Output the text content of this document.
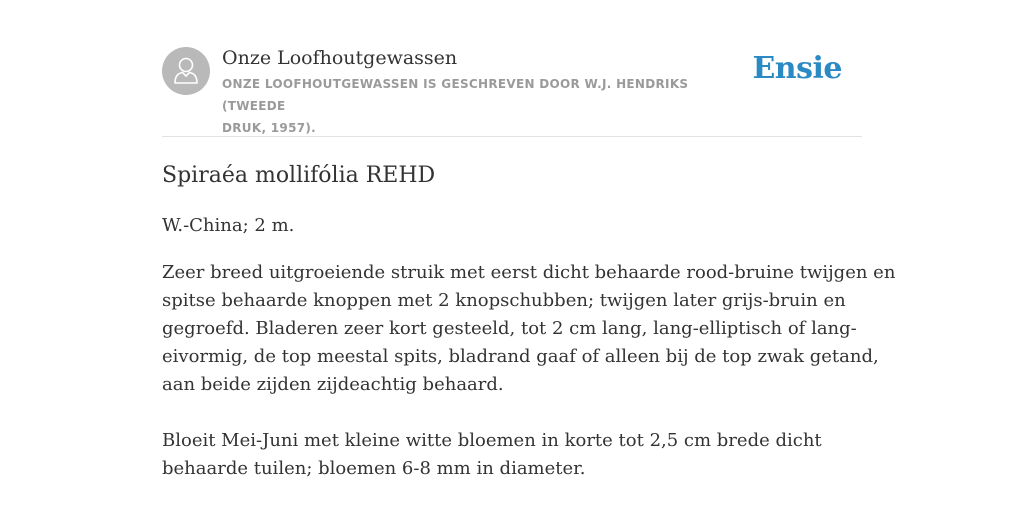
Onze Loofhoutgewassen
ONZE LOOFHOUTGEWASSEN IS GESCHREVEN DOOR W.J. HENDRIKS (TWEEDE
DRUK, 1957).
Ensie
Spiraéa mollifólia REHD

W.-China; 2 m.

Zeer breed uitgroeiende struik met eerst dicht behaarde rood-bruine twijgen en
spitse behaarde knoppen met 2 knopschubben; twijgen later grijs-bruin en
gegroefd. Bladeren zeer kort gesteeld, tot 2 cm lang, lang-elliptisch of lang-
eivormig, de top meestal spits, bladrand gaaf of alleen bij de top zwak getand,
aan beide zijden zijdeachtig behaard.

Bloeit Mei-Juni met kleine witte bloemen in korte tot 2,5 cm brede dicht
behaarde tuilen; bloemen 6-8 mm in diameter.
